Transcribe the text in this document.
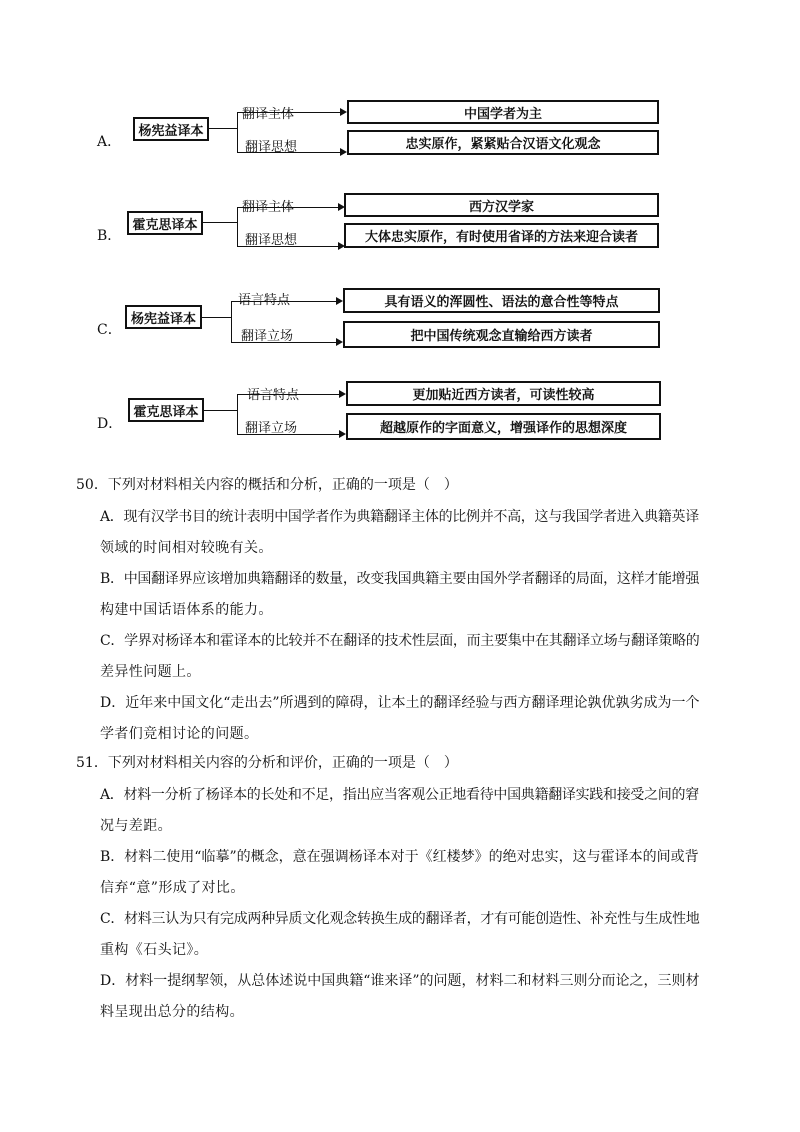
A．
杨宪益译本
翻译主体
翻译思想
中国学者为主
忠实原作，紧紧贴合汉语文化观念
B．
霍克思译本
翻译主体
翻译思想
西方汉学家
大体忠实原作，有时使用省译的方法来迎合读者
C．
杨宪益译本
语言特点
翻译立场
具有语义的浑圆性、语法的意合性等特点
把中国传统观念直输给西方读者
D．
霍克思译本
语言特点
翻译立场
更加贴近西方读者，可读性较高
超越原作的字面意义，增强译作的思想深度
50．下列对材料相关内容的概括和分析，正确的一项是（　）
A．现有汉学书目的统计表明中国学者作为典籍翻译主体的比例并不高，这与我国学者进入典籍英译
领域的时间相对较晚有关。
B．中国翻译界应该增加典籍翻译的数量，改变我国典籍主要由国外学者翻译的局面，这样才能增强
构建中国话语体系的能力。
C．学界对杨译本和霍译本的比较并不在翻译的技术性层面，而主要集中在其翻译立场与翻译策略的
差异性问题上。
D．近年来中国文化“走出去”所遇到的障碍，让本土的翻译经验与西方翻译理论孰优孰劣成为一个
学者们竞相讨论的问题。
51．下列对材料相关内容的分析和评价，正确的一项是（　）
A．材料一分析了杨译本的长处和不足，指出应当客观公正地看待中国典籍翻译实践和接受之间的窘
况与差距。
B．材料二使用“临摹”的概念，意在强调杨译本对于《红楼梦》的绝对忠实，这与霍译本的间或背
信弃“意”形成了对比。
C．材料三认为只有完成两种异质文化观念转换生成的翻译者，才有可能创造性、补充性与生成性地
重构《石头记》。
D．材料一提纲挈领，从总体述说中国典籍“谁来译”的问题，材料二和材料三则分而论之，三则材
料呈现出总分的结构。
